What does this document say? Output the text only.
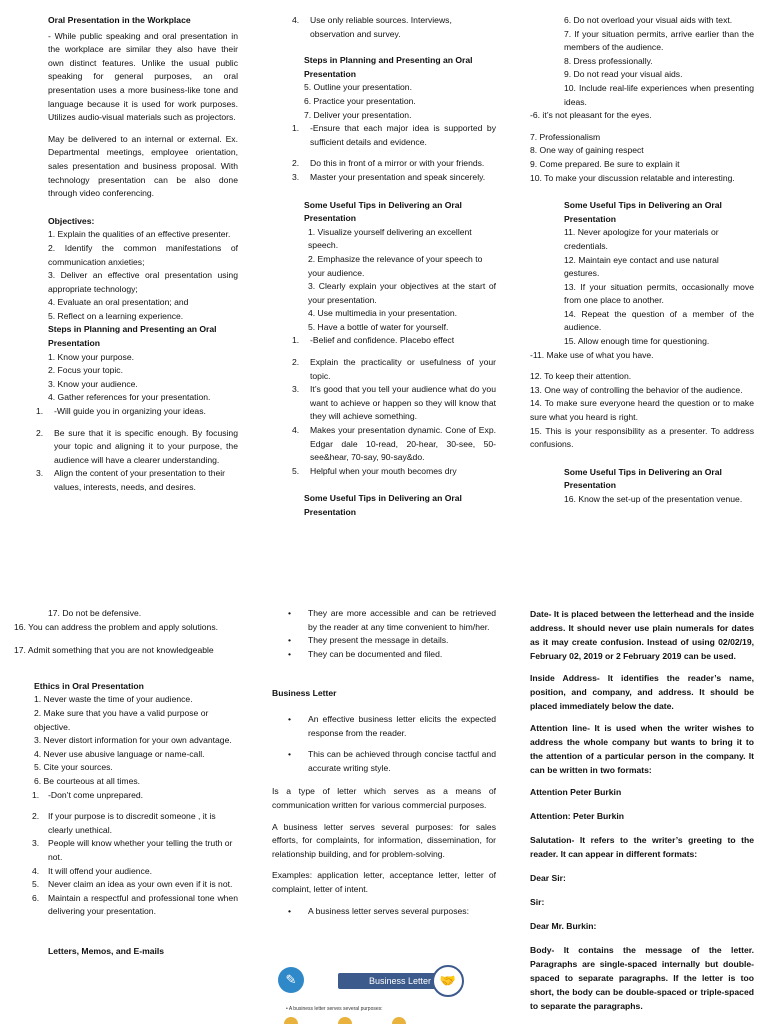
Oral Presentation in the Workplace

- While public speaking and oral presentation in the workplace are similar they also have their own distinct features. Unlike the usual public speaking for general purposes, an oral presentation uses a more business-like tone and language because it is used for work purposes. Utilizes audio-visual materials such as projectors.

May be delivered to an internal or external. Ex. Departmental meetings, employee orientation, sales presentation and business proposal. With technology presentation can be also done through video conferencing.

Objectives:

1. Explain the qualities of an effective presenter.
2. Identify the common manifestations of communication anxieties;
3. Deliver an effective oral presentation using appropriate technology;
4. Evaluate an oral presentation; and
5. Reflect on a learning experience.
Steps in Planning and Presenting an Oral Presentation
1. Know your purpose.
2. Focus your topic.
3. Know your audience.
4. Gather references for your presentation.
1. -Will guide you in organizing your ideas.
2. Be sure that it is specific enough. By focusing your topic and aligning it to your purpose, the audience will have a clearer understanding.
3. Align the content of your presentation to their values, interests, needs, and desires.
4. Use only reliable sources. Interviews, observation and survey.
Steps in Planning and Presenting an Oral Presentation
5. Outline your presentation.
6. Practice your presentation.
7. Deliver your presentation.
1. -Ensure that each major idea is supported by sufficient details and evidence.
2. Do this in front of a mirror or with your friends.
3. Master your presentation and speak sincerely.
Some Useful Tips in Delivering an Oral Presentation
1. Visualize yourself delivering an excellent speech.
2. Emphasize the relevance of your speech to your audience.
3. Clearly explain your objectives at the start of your presentation.
4. Use multimedia in your presentation.
5. Have a bottle of water for yourself.
1. -Belief and confidence. Placebo effect
2. Explain the practicality or usefulness of your topic.
3. It’s good that you tell your audience what do you want to achieve or happen so they will know that they will achieve something.
4. Makes your presentation dynamic. Cone of Exp. Edgar dale 10-read, 20-hear, 30-see, 50-see&hear, 70-say, 90-say&do.
5. Helpful when your mouth becomes dry
Some Useful Tips in Delivering an Oral Presentation
6. Do not overload your visual aids with text.
7. If your situation permits, arrive earlier than the members of the audience.
8. Dress professionally.
9. Do not read your visual aids.
10. Include real-life experiences when presenting ideas.
-6. it’s not pleasant for the eyes.
7. Professionalism
8. One way of gaining respect
9. Come prepared. Be sure to explain it
10. To make your discussion relatable and interesting.
Some Useful Tips in Delivering an Oral Presentation
11. Never apologize for your materials or credentials.
12. Maintain eye contact and use natural gestures.
13. If your situation permits, occasionally move from one place to another.
14. Repeat the question of a member of the audience.
15. Allow enough time for questioning.
-11. Make use of what you have.
12. To keep their attention.
13. One way of controlling the behavior of the audience.
14. To make sure everyone heard the question or to make sure what you heard is right.
15. This is your responsibility as a presenter. To address confusions.
Some Useful Tips in Delivering an Oral Presentation
16. Know the set-up of the presentation venue.
17. Do not be defensive.
16. You can address the problem and apply solutions.
17. Admit something that you are not knowledgeable
Ethics in Oral Presentation
1. Never waste the time of your audience.
2. Make sure that you have a valid purpose or objective.
3. Never distort information for your own advantage.
4. Never use abusive language or name-call.
5. Cite your sources.
6. Be courteous at all times.
1. -Don’t come unprepared.
2. If your purpose is to discredit someone , it is clearly unethical.
3. People will know whether your telling the truth or not.
4. It will offend your audience.
5. Never claim an idea as your own even if it is not.
6. Maintain a respectful and professional tone when delivering your presentation.
Letters, Memos, and E-mails
• They are more accessible and can be retrieved by the reader at any time convenient to him/her.
• They present the message in details.
• They can be documented and filed.
Business Letter
• An effective business letter elicits the expected response from the reader.
• This can be achieved through concise tactful and accurate writing style.

Is a type of letter which serves as a means of communication written for various commercial purposes.

A business letter serves several purposes: for sales efforts, for complaints, for information, dissemination, for relationship building, and for problem-solving.

Examples: application letter, acceptance letter, letter of complaint, letter of intent.

• A business letter serves several purposes:
✎	Business Letter 🤝
• A business letter serves several purposes:

Date- It is placed between the letterhead and the inside address. It should never use plain numerals for dates as it may create confusion. Instead of using 02/02/19, February 02, 2019 or 2 February 2019 can be used.

Inside Address- It identifies the reader’s name, position, and company, and address. It should be placed immediately below the date.

Attention line- It is used when the writer wishes to address the whole company but wants to bring it to the attention of a particular person in the company. It can be written in two formats:

Attention Peter Burkin

Attention: Peter Burkin

Salutation- It refers to the writer’s greeting to the reader. It can appear in different formats:

Dear Sir:

Sir:

Dear Mr. Burkin:

Body- It contains the message of the letter. Paragraphs are single-spaced internally but double-spaced to separate paragraphs. If the letter is too short, the body can be double-spaced or triple-spaced to separate the paragraphs.
